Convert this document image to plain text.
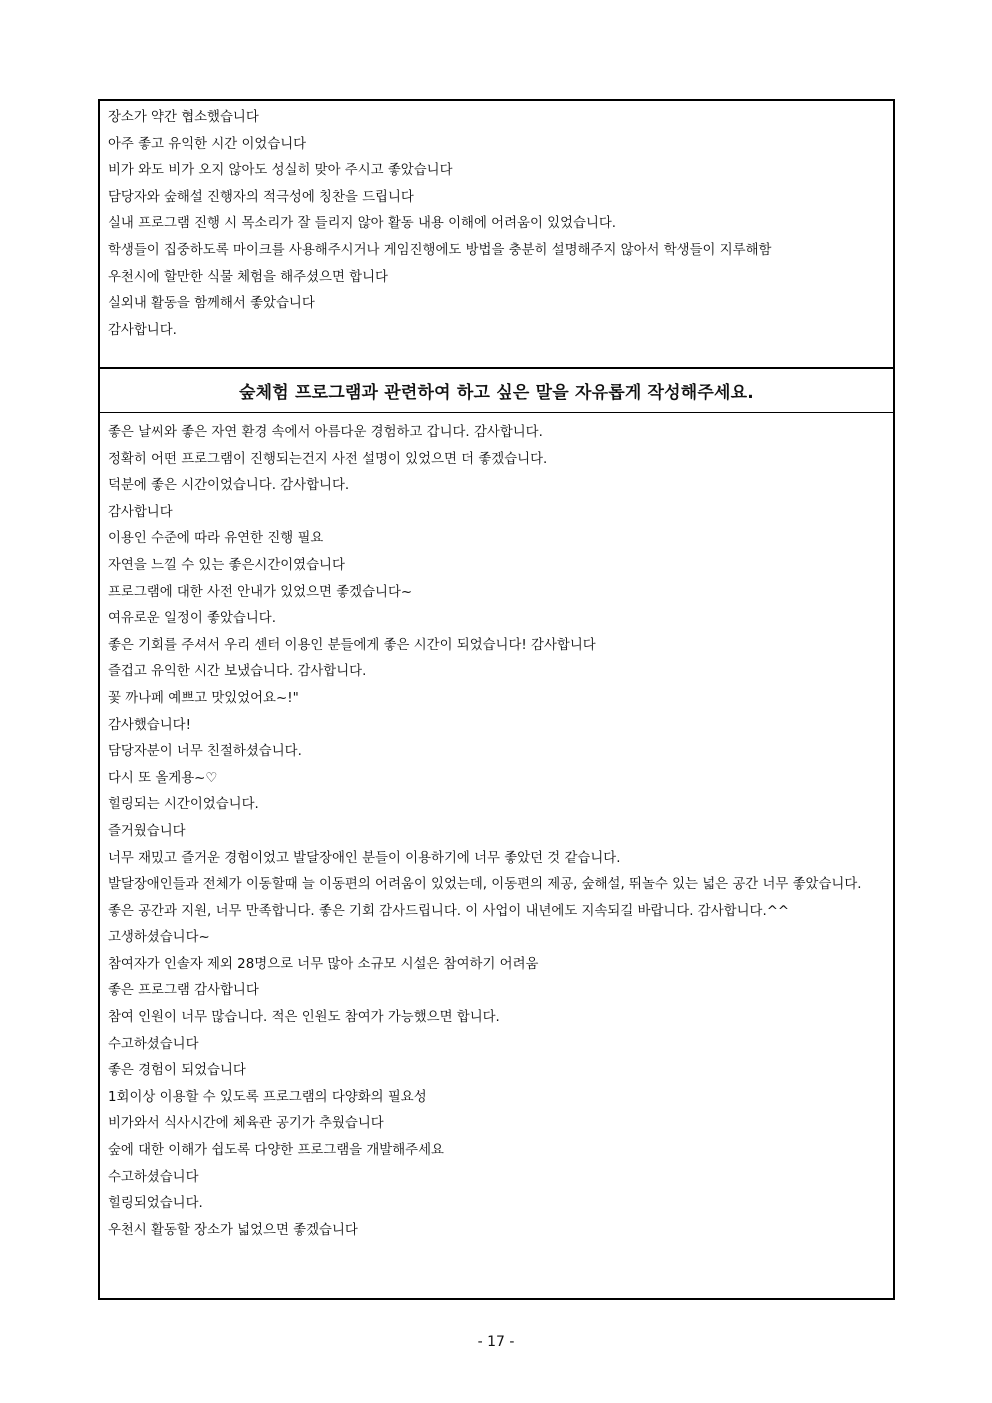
장소가 약간 협소했습니다
아주 좋고 유익한 시간 이었습니다
비가 와도 비가 오지 않아도 성실히 맞아 주시고 좋았습니다
담당자와 숲해설 진행자의 적극성에 칭찬을 드립니다
실내 프로그램 진행 시 목소리가 잘 들리지 않아 활동 내용 이해에 어려움이 있었습니다.
학생들이 집중하도록 마이크를 사용해주시거나 게임진행에도 방법을 충분히 설명해주지 않아서 학생들이 지루해함
우천시에 할만한 식물 체험을 해주셨으면 합니다
실외내 활동을 함께해서 좋았습니다
감사합니다.
숲체험 프로그램과 관련하여 하고 싶은 말을 자유롭게 작성해주세요.
좋은 날씨와 좋은 자연 환경 속에서 아름다운 경험하고 갑니다. 감사합니다.
정확히 어떤 프로그램이 진행되는건지 사전 설명이 있었으면 더 좋겠습니다.
덕분에 좋은 시간이었습니다. 감사합니다.
감사합니다
이용인 수준에 따라 유연한 진행 필요
자연을 느낄 수 있는 좋은시간이였습니다
프로그램에 대한 사전 안내가 있었으면 좋겠습니다~
여유로운 일정이 좋았습니다.
좋은 기회를 주셔서 우리 센터 이용인 분들에게 좋은 시간이 되었습니다! 감사합니다
즐겁고 유익한 시간 보냈습니다. 감사합니다.
꽃 까나페 예쁘고 맛있었어요~!"
감사했습니다!
담당자분이 너무 친절하셨습니다.
다시 또 올게용~♡
힐링되는 시간이었습니다.
즐거웠습니다
너무 재밌고 즐거운 경험이었고 발달장애인 분들이 이용하기에 너무 좋았던 것 같습니다.
발달장애인들과 전체가 이동할때 늘 이동편의 어려움이 있었는데, 이동편의 제공, 숲해설, 뛰놀수 있는 넓은 공간 너무 좋았습니다.
좋은 공간과 지원, 너무 만족합니다. 좋은 기회 감사드립니다. 이 사업이 내년에도 지속되길 바랍니다. 감사합니다.^^
고생하셨습니다~
참여자가 인솔자 제외 28명으로 너무 많아 소규모 시설은 참여하기 어려움
좋은 프로그램 감사합니다
참여 인원이 너무 많습니다. 적은 인원도 참여가 가능했으면 합니다.
수고하셨습니다
좋은 경험이 되었습니다
1회이상 이용할 수 있도록 프로그램의 다양화의 필요성
비가와서 식사시간에 체육관 공기가 추웠습니다
숲에 대한 이해가 쉽도록 다양한 프로그램을 개발해주세요
수고하셨습니다
힐링되었습니다.
우천시 활동할 장소가 넓었으면 좋겠습니다
- 17 -
